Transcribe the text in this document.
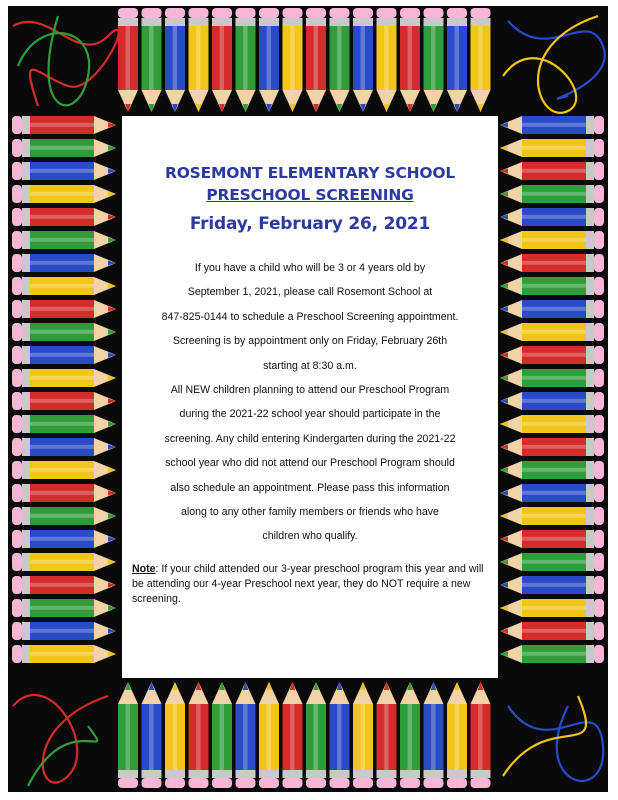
ROSEMONT ELEMENTARY SCHOOL
PRESCHOOL SCREENING
Friday, February 26, 2021

If you have a child who will be 3 or 4 years old by

September 1, 2021, please call Rosemont School at

847-825-0144 to schedule a Preschool Screening appointment.

Screening is by appointment only on Friday, February 26th

starting at 8:30 a.m.

All NEW children planning to attend our Preschool Program

during the 2021-22 school year should participate in the

screening. Any child entering Kindergarten during the 2021-22

school year who did not attend our Preschool Program should

also schedule an appointment. Please pass this information

along to any other family members or friends who have

children who qualify.

Note: If your child attended our 3-year preschool program this year and will be attending our 4-year Preschool next year, they do NOT require a new screening.
